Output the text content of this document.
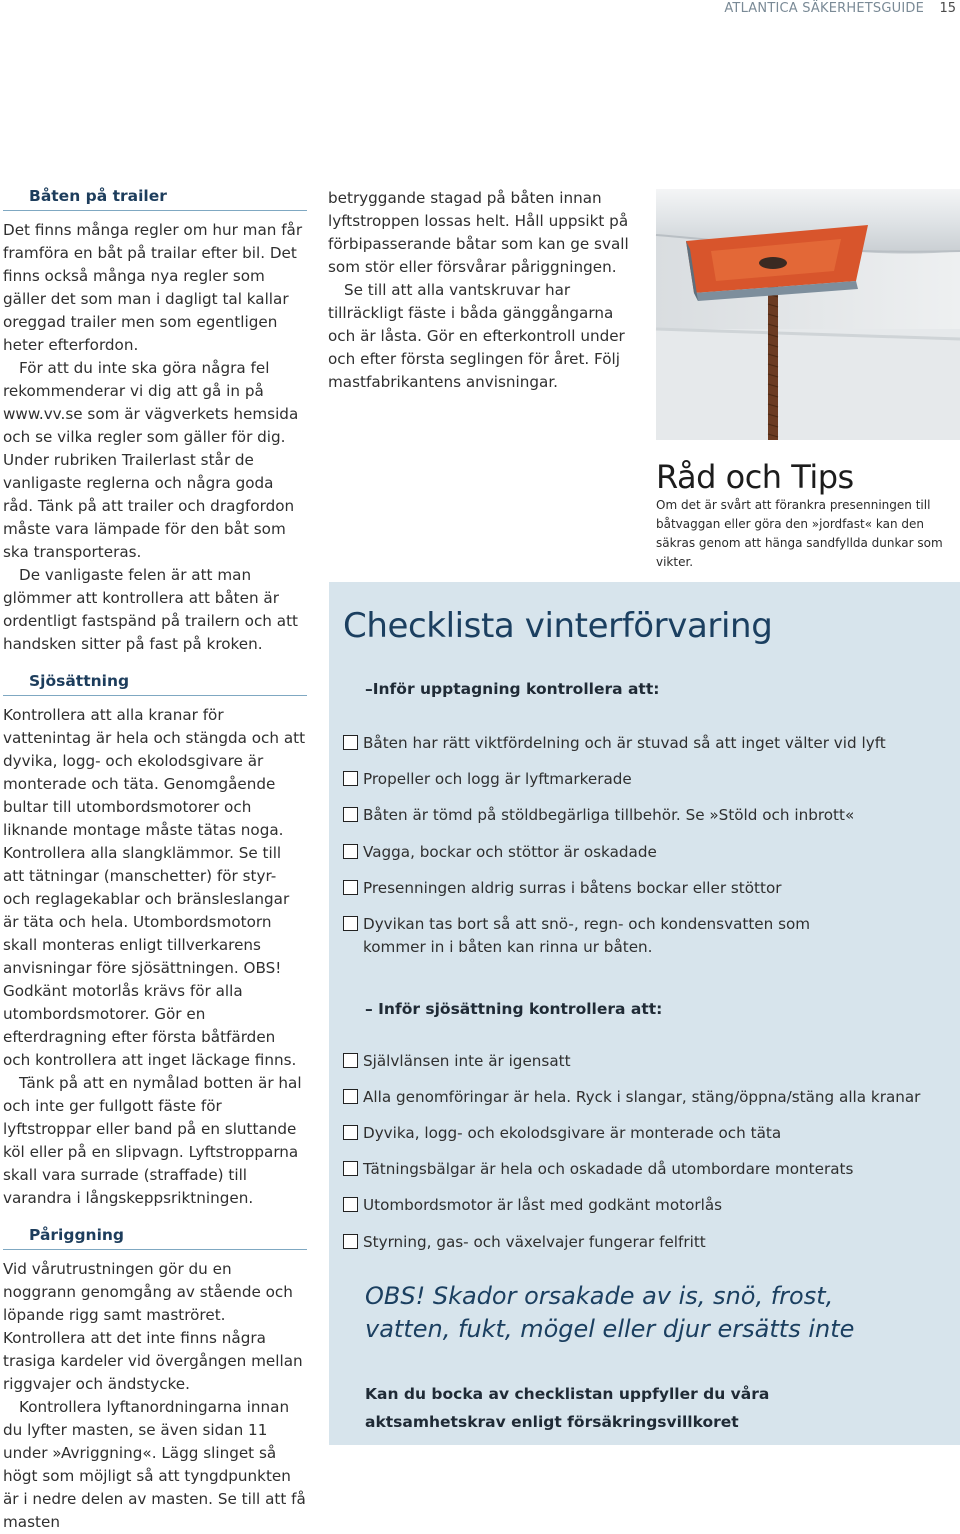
ATLANTICA SÄKERHETSGUIDE 15
Båten på trailer

Det finns många regler om hur man får framföra en båt på trailar efter bil. Det finns också många nya regler som gäller det som man i dagligt tal kallar oreggad trailer men som egentligen heter efterfordon.

För att du inte ska göra några fel rekommenderar vi dig att gå in på www.vv.se som är vägverkets hemsida och se vilka regler som gäller för dig. Under rubriken Trailerlast står de vanligaste reglerna och några goda råd. Tänk på att trailer och dragfordon måste vara lämpade för den båt som ska transporteras.

De vanligaste felen är att man glömmer att kontrollera att båten är ordentligt fastspänd på trailern och att handsken sitter på fast på kroken.

Sjösättning

Kontrollera att alla kranar för vattenintag är hela och stängda och att dyvika, logg- och ekolodsgivare är monterade och täta. Genomgående bultar till utombordsmotorer och liknande montage måste tätas noga. Kontrollera alla slangklämmor. Se till att tätningar (manschetter) för styr- och reglagekablar och bränsleslangar är täta och hela. Utombordsmotorn skall monteras enligt tillverkarens anvisningar före sjösättningen. OBS! Godkänt motorlås krävs för alla utombordsmotorer. Gör en efterdragning efter första båtfärden och kontrollera att inget läckage finns.

Tänk på att en nymålad botten är hal och inte ger fullgott fäste för lyftstroppar eller band på en sluttande köl eller på en slipvagn. Lyftstropparna skall vara surrade (straffade) till varandra i långskeppsriktningen.

Påriggning

Vid vårutrustningen gör du en noggrann genomgång av stående och löpande rigg samt maströret. Kontrollera att det inte finns några trasiga kardeler vid övergången mellan riggvajer och ändstycke.

Kontrollera lyftanordningarna innan du lyfter masten, se även sidan 11 under »Avriggning«. Lägg slinget så högt som möjligt så att tyngdpunkten är i nedre delen av masten. Se till att få masten

betryggande stagad på båten innan lyftstroppen lossas helt. Håll uppsikt på förbipasserande båtar som kan ge svall som stör eller försvårar påriggningen.

Se till att alla vantskruvar har tillräckligt fäste i båda gänggångarna och är låsta. Gör en efterkontroll under och efter första seglingen för året. Följ mastfabrikantens anvisningar.

Råd och Tips
Om det är svårt att förankra presenningen till båtvaggan eller göra den »jordfast« kan den säkras genom att hänga sandfyllda dunkar som vikter.
Checklista vinterförvaring
–Inför upptagning kontrollera att:
Båten har rätt viktfördelning och är stuvad så att inget välter vid lyft
Propeller och logg är lyftmarkerade
Båten är tömd på stöldbegärliga tillbehör. Se »Stöld och inbrott«
Vagga, bockar och stöttor är oskadade
Presenningen aldrig surras i båtens bockar eller stöttor
Dyvikan tas bort så att snö-, regn- och kondensvatten som kommer in i båten kan rinna ur båten.
– Inför sjösättning kontrollera att:
Självlänsen inte är igensatt
Alla genomföringar är hela. Ryck i slangar, stäng/öppna/stäng alla kranar
Dyvika, logg- och ekolodsgivare är monterade och täta
Tätningsbälgar är hela och oskadade då utombordare monterats
Utombordsmotor är låst med godkänt motorlås
Styrning, gas- och växelvajer fungerar felfritt
OBS! Skador orsakade av is, snö, frost, vatten, fukt, mögel eller djur ersätts inte
Kan du bocka av checklistan uppfyller du våra aktsamhetskrav enligt försäkringsvillkoret
